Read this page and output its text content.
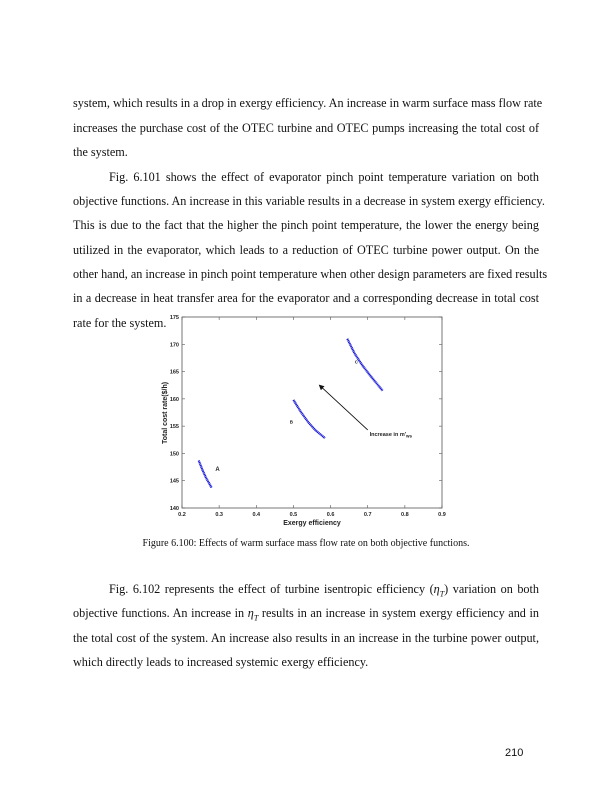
system, which results in a drop in exergy efficiency. An increase in warm surface mass flow rate
increases the purchase cost of the OTEC turbine and OTEC pumps increasing the total cost of
the system.
Fig. 6.101 shows the effect of evaporator pinch point temperature variation on both
objective functions. An increase in this variable results in a decrease in system exergy efficiency.
This is due to the fact that the higher the pinch point temperature, the lower the energy being
utilized in the evaporator, which leads to a reduction of OTEC turbine power output. On the
other hand, an increase in pinch point temperature when other design parameters are fixed results
in a decrease in heat transfer area for the evaporator and a corresponding decrease in total cost
rate for the system.
0.2	0.3	0.4	0.5	0.6	0.7	0.8	0.9
140
145
150
155
160
165
170
175
A
B
C
Increase in $m'_{ws}$
Exergy efficiency
Total cost rate($/h)
Figure 6.100: Effects of warm surface mass flow rate on both objective functions.
Fig. 6.102 represents the effect of turbine isentropic efficiency $(\eta_T)$ variation on both
objective functions. An increase in $\eta_T$ results in an increase in system exergy efficiency and in
the total cost of the system. An increase also results in an increase in the turbine power output,
which directly leads to increased systemic exergy efficiency.
210
